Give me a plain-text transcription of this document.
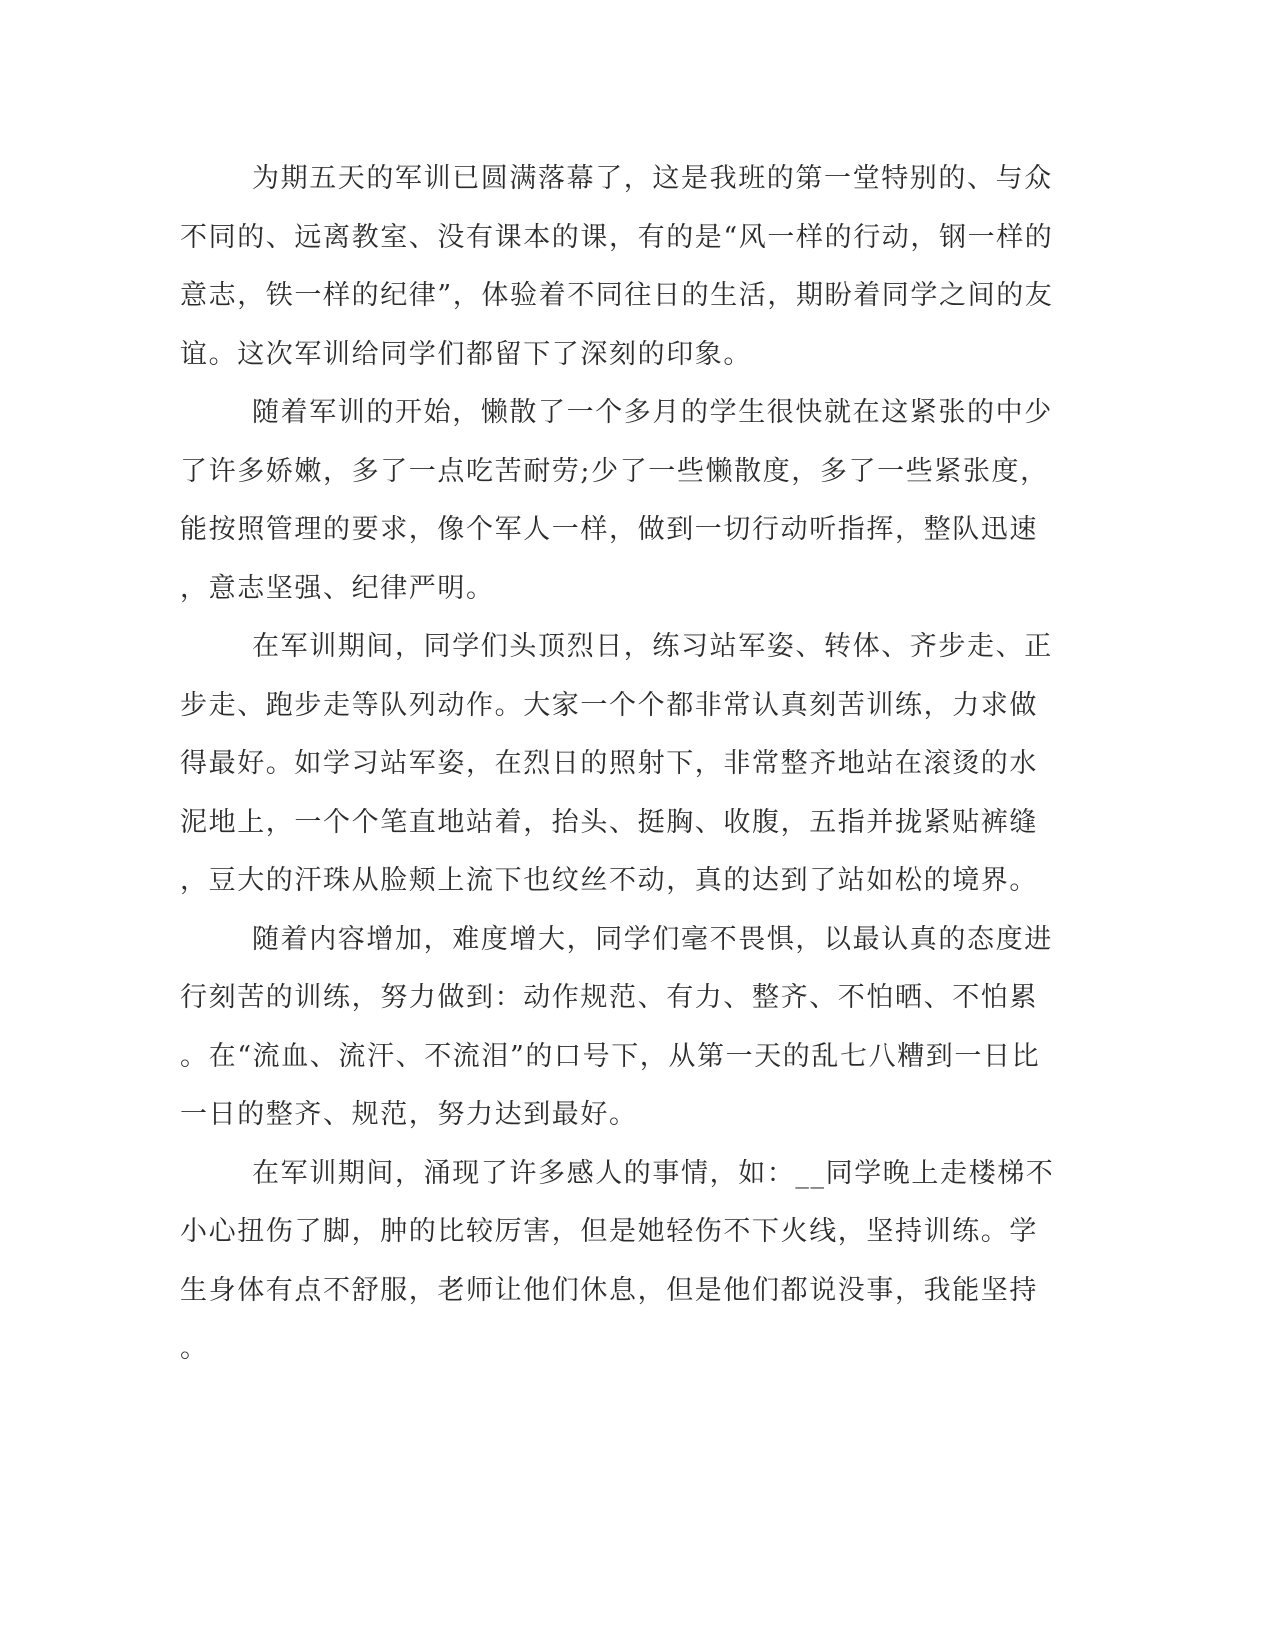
为期五天的军训已圆满落幕了，这是我班的第一堂特别的、与众
不同的、远离教室、没有课本的课，有的是“风一样的行动，钢一样的
意志，铁一样的纪律”，体验着不同往日的生活，期盼着同学之间的友
谊。这次军训给同学们都留下了深刻的印象。
随着军训的开始，懒散了一个多月的学生很快就在这紧张的中少
了许多娇嫩，多了一点吃苦耐劳;少了一些懒散度，多了一些紧张度，
能按照管理的要求，像个军人一样，做到一切行动听指挥，整队迅速
，意志坚强、纪律严明。
在军训期间，同学们头顶烈日，练习站军姿、转体、齐步走、正
步走、跑步走等队列动作。大家一个个都非常认真刻苦训练，力求做
得最好。如学习站军姿，在烈日的照射下，非常整齐地站在滚烫的水
泥地上，一个个笔直地站着，抬头、挺胸、收腹，五指并拢紧贴裤缝
，豆大的汗珠从脸颊上流下也纹丝不动，真的达到了站如松的境界。
随着内容增加，难度增大，同学们毫不畏惧，以最认真的态度进
行刻苦的训练，努力做到：动作规范、有力、整齐、不怕晒、不怕累
。在“流血、流汗、不流泪”的口号下，从第一天的乱七八糟到一日比
一日的整齐、规范，努力达到最好。
在军训期间，涌现了许多感人的事情，如：__同学晚上走楼梯不
小心扭伤了脚，肿的比较厉害，但是她轻伤不下火线，坚持训练。学
生身体有点不舒服，老师让他们休息，但是他们都说没事，我能坚持
。
